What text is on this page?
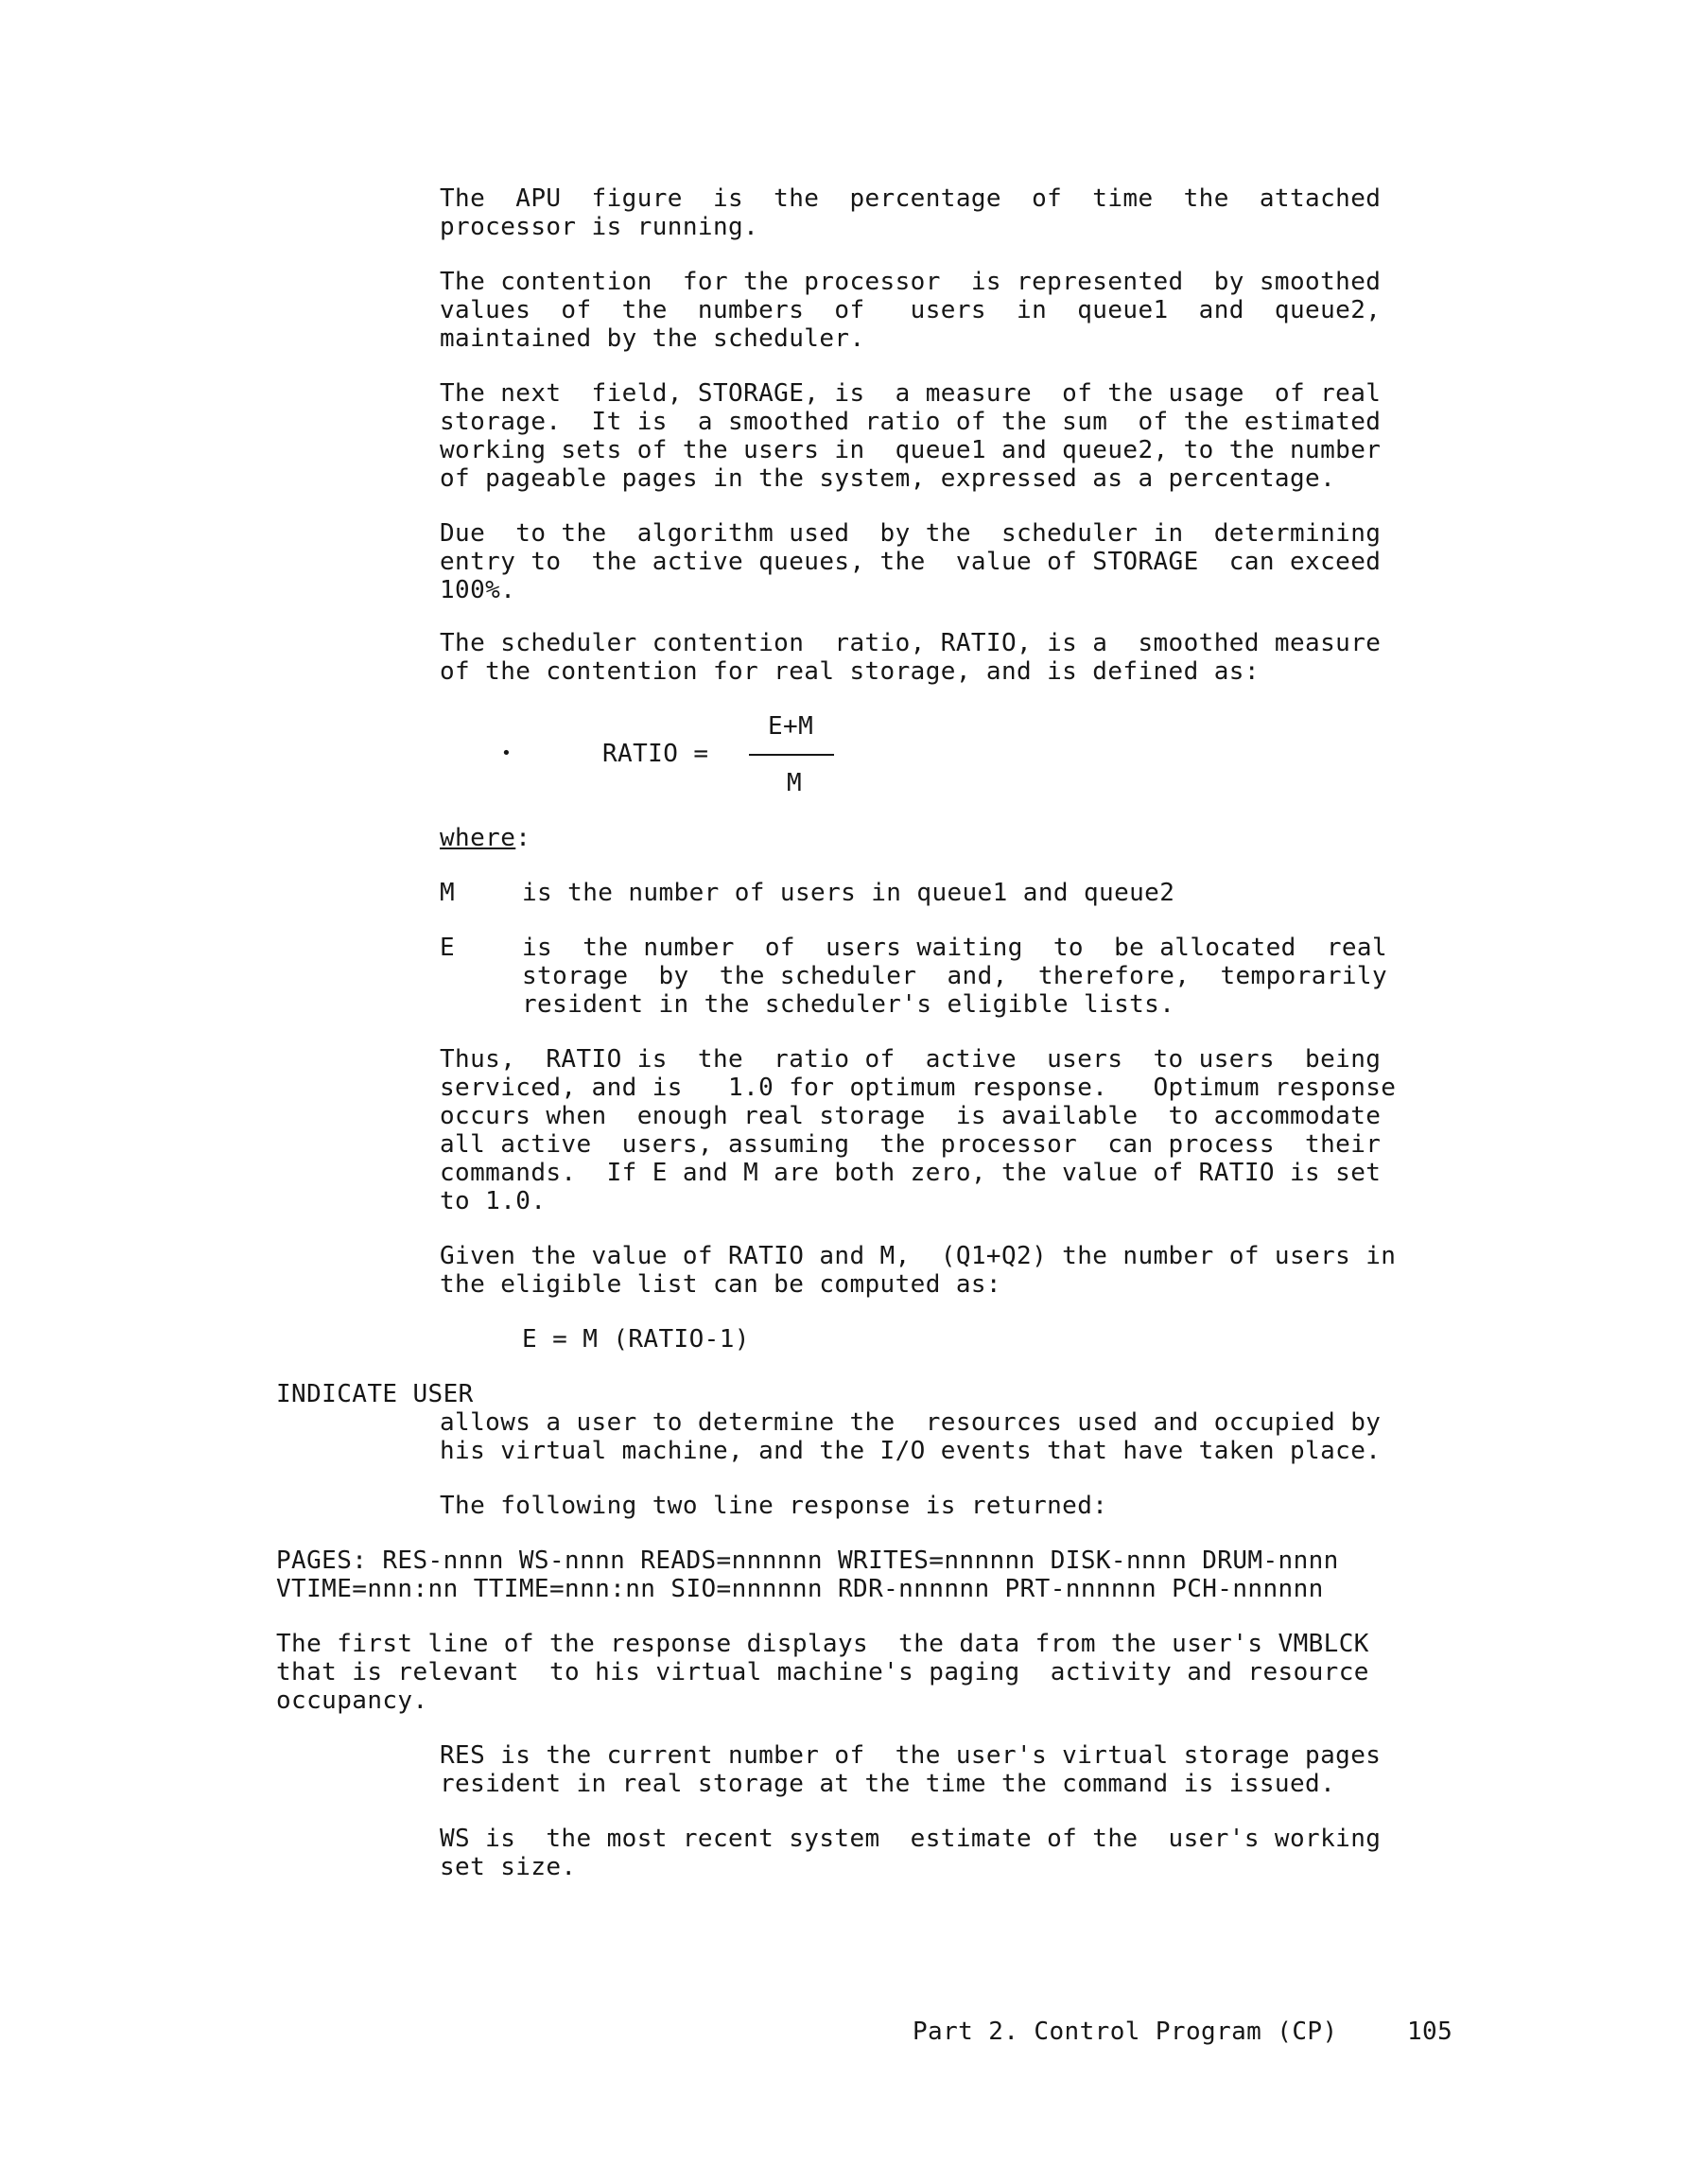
The  APU  figure  is  the  percentage  of  time  the  attached
processor is running.
The contention  for the processor  is represented  by smoothed
values  of  the  numbers  of   users  in  queue1  and  queue2,
maintained by the scheduler.
The next  field, STORAGE, is  a measure  of the usage  of real
storage.  It is  a smoothed ratio of the sum  of the estimated
working sets of the users in  queue1 and queue2, to the number
of pageable pages in the system, expressed as a percentage.
Due  to the  algorithm used  by the  scheduler in  determining
entry to  the active queues, the  value of STORAGE  can exceed
100%.
The scheduler contention  ratio, RATIO, is a  smoothed measure
of the contention for real storage, and is defined as:
E+M
•	RATIO =
M
where:
M	is the number of users in queue1 and queue2
E	is  the number  of  users waiting  to  be allocated  real
storage  by  the scheduler  and,  therefore,  temporarily
resident in the scheduler's eligible lists.
Thus,  RATIO is  the  ratio of  active  users  to users  being
serviced, and is   1.0 for optimum response.   Optimum response
occurs when  enough real storage  is available  to accommodate
all active  users, assuming  the processor  can process  their
commands.  If E and M are both zero, the value of RATIO is set
to 1.0.
Given the value of RATIO and M,  (Q1+Q2) the number of users in
the eligible list can be computed as:
E = M (RATIO-1)
INDICATE USER
allows a user to determine the  resources used and occupied by
his virtual machine, and the I/O events that have taken place.
The following two line response is returned:
PAGES: RES-nnnn WS-nnnn READS=nnnnnn WRITES=nnnnnn DISK-nnnn DRUM-nnnn
VTIME=nnn:nn TTIME=nnn:nn SIO=nnnnnn RDR-nnnnnn PRT-nnnnnn PCH-nnnnnn
The first line of the response displays  the data from the user's VMBLCK
that is relevant  to his virtual machine's paging  activity and resource
occupancy.
RES is the current number of  the user's virtual storage pages
resident in real storage at the time the command is issued.
WS is  the most recent system  estimate of the  user's working
set size.
Part 2. Control Program (CP)	105
